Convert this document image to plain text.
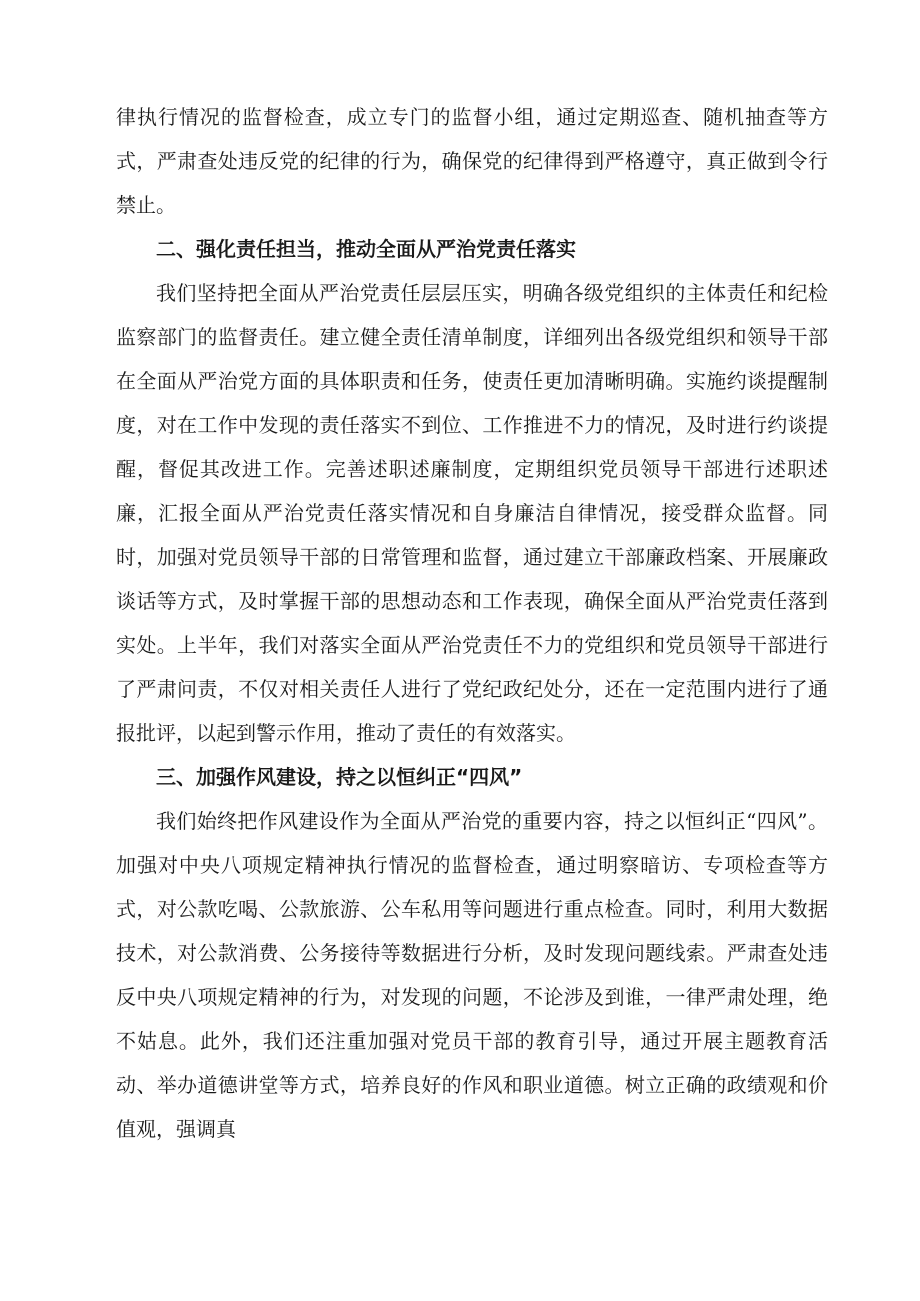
律执行情况的监督检查，成立专门的监督小组，通过定期巡查、随机抽查等方式，严肃查处违反党的纪律的行为，确保党的纪律得到严格遵守，真正做到令行禁止。

二、强化责任担当，推动全面从严治党责任落实

我们坚持把全面从严治党责任层层压实，明确各级党组织的主体责任和纪检监察部门的监督责任。建立健全责任清单制度，详细列出各级党组织和领导干部在全面从严治党方面的具体职责和任务，使责任更加清晰明确。实施约谈提醒制度，对在工作中发现的责任落实不到位、工作推进不力的情况，及时进行约谈提醒，督促其改进工作。完善述职述廉制度，定期组织党员领导干部进行述职述廉，汇报全面从严治党责任落实情况和自身廉洁自律情况，接受群众监督。同时，加强对党员领导干部的日常管理和监督，通过建立干部廉政档案、开展廉政谈话等方式，及时掌握干部的思想动态和工作表现，确保全面从严治党责任落到实处。上半年，我们对落实全面从严治党责任不力的党组织和党员领导干部进行了严肃问责，不仅对相关责任人进行了党纪政纪处分，还在一定范围内进行了通报批评，以起到警示作用，推动了责任的有效落实。

三、加强作风建设，持之以恒纠正“四风”

我们始终把作风建设作为全面从严治党的重要内容，持之以恒纠正“四风”。加强对中央八项规定精神执行情况的监督检查，通过明察暗访、专项检查等方式，对公款吃喝、公款旅游、公车私用等问题进行重点检查。同时，利用大数据技术，对公款消费、公务接待等数据进行分析，及时发现问题线索。严肃查处违反中央八项规定精神的行为，对发现的问题，不论涉及到谁，一律严肃处理，绝不姑息。此外，我们还注重加强对党员干部的教育引导，通过开展主题教育活动、举办道德讲堂等方式，培养良好的作风和职业道德。树立正确的政绩观和价值观，强调真
